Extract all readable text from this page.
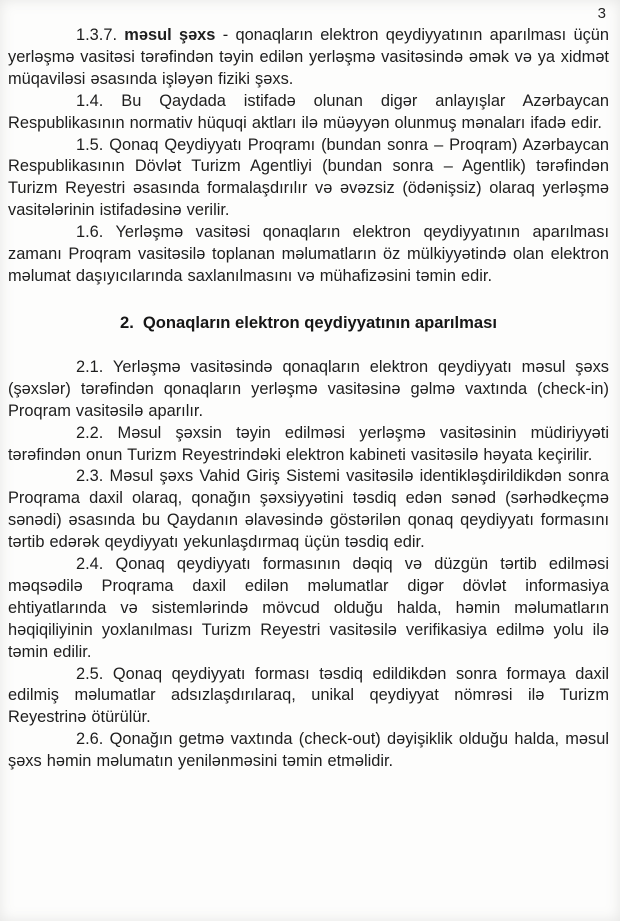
3

1.3.7. məsul şəxs - qonaqların elektron qeydiyyatının aparılması üçün yerləşmə vasitəsi tərəfindən təyin edilən yerləşmə vasitəsində əmək və ya xidmət müqaviləsi əsasında işləyən fiziki şəxs.

1.4. Bu Qaydada istifadə olunan digər anlayışlar Azərbaycan Respublikasının normativ hüquqi aktları ilə müəyyən olunmuş mənaları ifadə edir.

1.5. Qonaq Qeydiyyatı Proqramı (bundan sonra – Proqram) Azərbaycan Respublikasının Dövlət Turizm Agentliyi (bundan sonra – Agentlik) tərəfindən Turizm Reyestri əsasında formalaşdırılır və əvəzsiz (ödənişsiz) olaraq yerləşmə vasitələrinin istifadəsinə verilir.

1.6. Yerləşmə vasitəsi qonaqların elektron qeydiyyatının aparılması zamanı Proqram vasitəsilə toplanan məlumatların öz mülkiyyətində olan elektron məlumat daşıyıcılarında saxlanılmasını və mühafizəsini təmin edir.

2. Qonaqların elektron qeydiyyatının aparılması

2.1. Yerləşmə vasitəsində qonaqların elektron qeydiyyatı məsul şəxs (şəxslər) tərəfindən qonaqların yerləşmə vasitəsinə gəlmə vaxtında (check-in) Proqram vasitəsilə aparılır.

2.2. Məsul şəxsin təyin edilməsi yerləşmə vasitəsinin müdiriyyəti tərəfindən onun Turizm Reyestrindəki elektron kabineti vasitəsilə həyata keçirilir.

2.3. Məsul şəxs Vahid Giriş Sistemi vasitəsilə identikləşdirildikdən sonra Proqrama daxil olaraq, qonağın şəxsiyyətini təsdiq edən sənəd (sərhədkeçmə sənədi) əsasında bu Qaydanın əlavəsində göstərilən qonaq qeydiyyatı formasını tərtib edərək qeydiyyatı yekunlaşdırmaq üçün təsdiq edir.

2.4. Qonaq qeydiyyatı formasının dəqiq və düzgün tərtib edilməsi məqsədilə Proqrama daxil edilən məlumatlar digər dövlət informasiya ehtiyatlarında və sistemlərində mövcud olduğu halda, həmin məlumatların həqiqiliyinin yoxlanılması Turizm Reyestri vasitəsilə verifikasiya edilmə yolu ilə təmin edilir.

2.5. Qonaq qeydiyyatı forması təsdiq edildikdən sonra formaya daxil edilmiş məlumatlar adsızlaşdırılaraq, unikal qeydiyyat nömrəsi ilə Turizm Reyestrinə ötürülür.

2.6. Qonağın getmə vaxtında (check-out) dəyişiklik olduğu halda, məsul şəxs həmin məlumatın yenilənməsini təmin etməlidir.
